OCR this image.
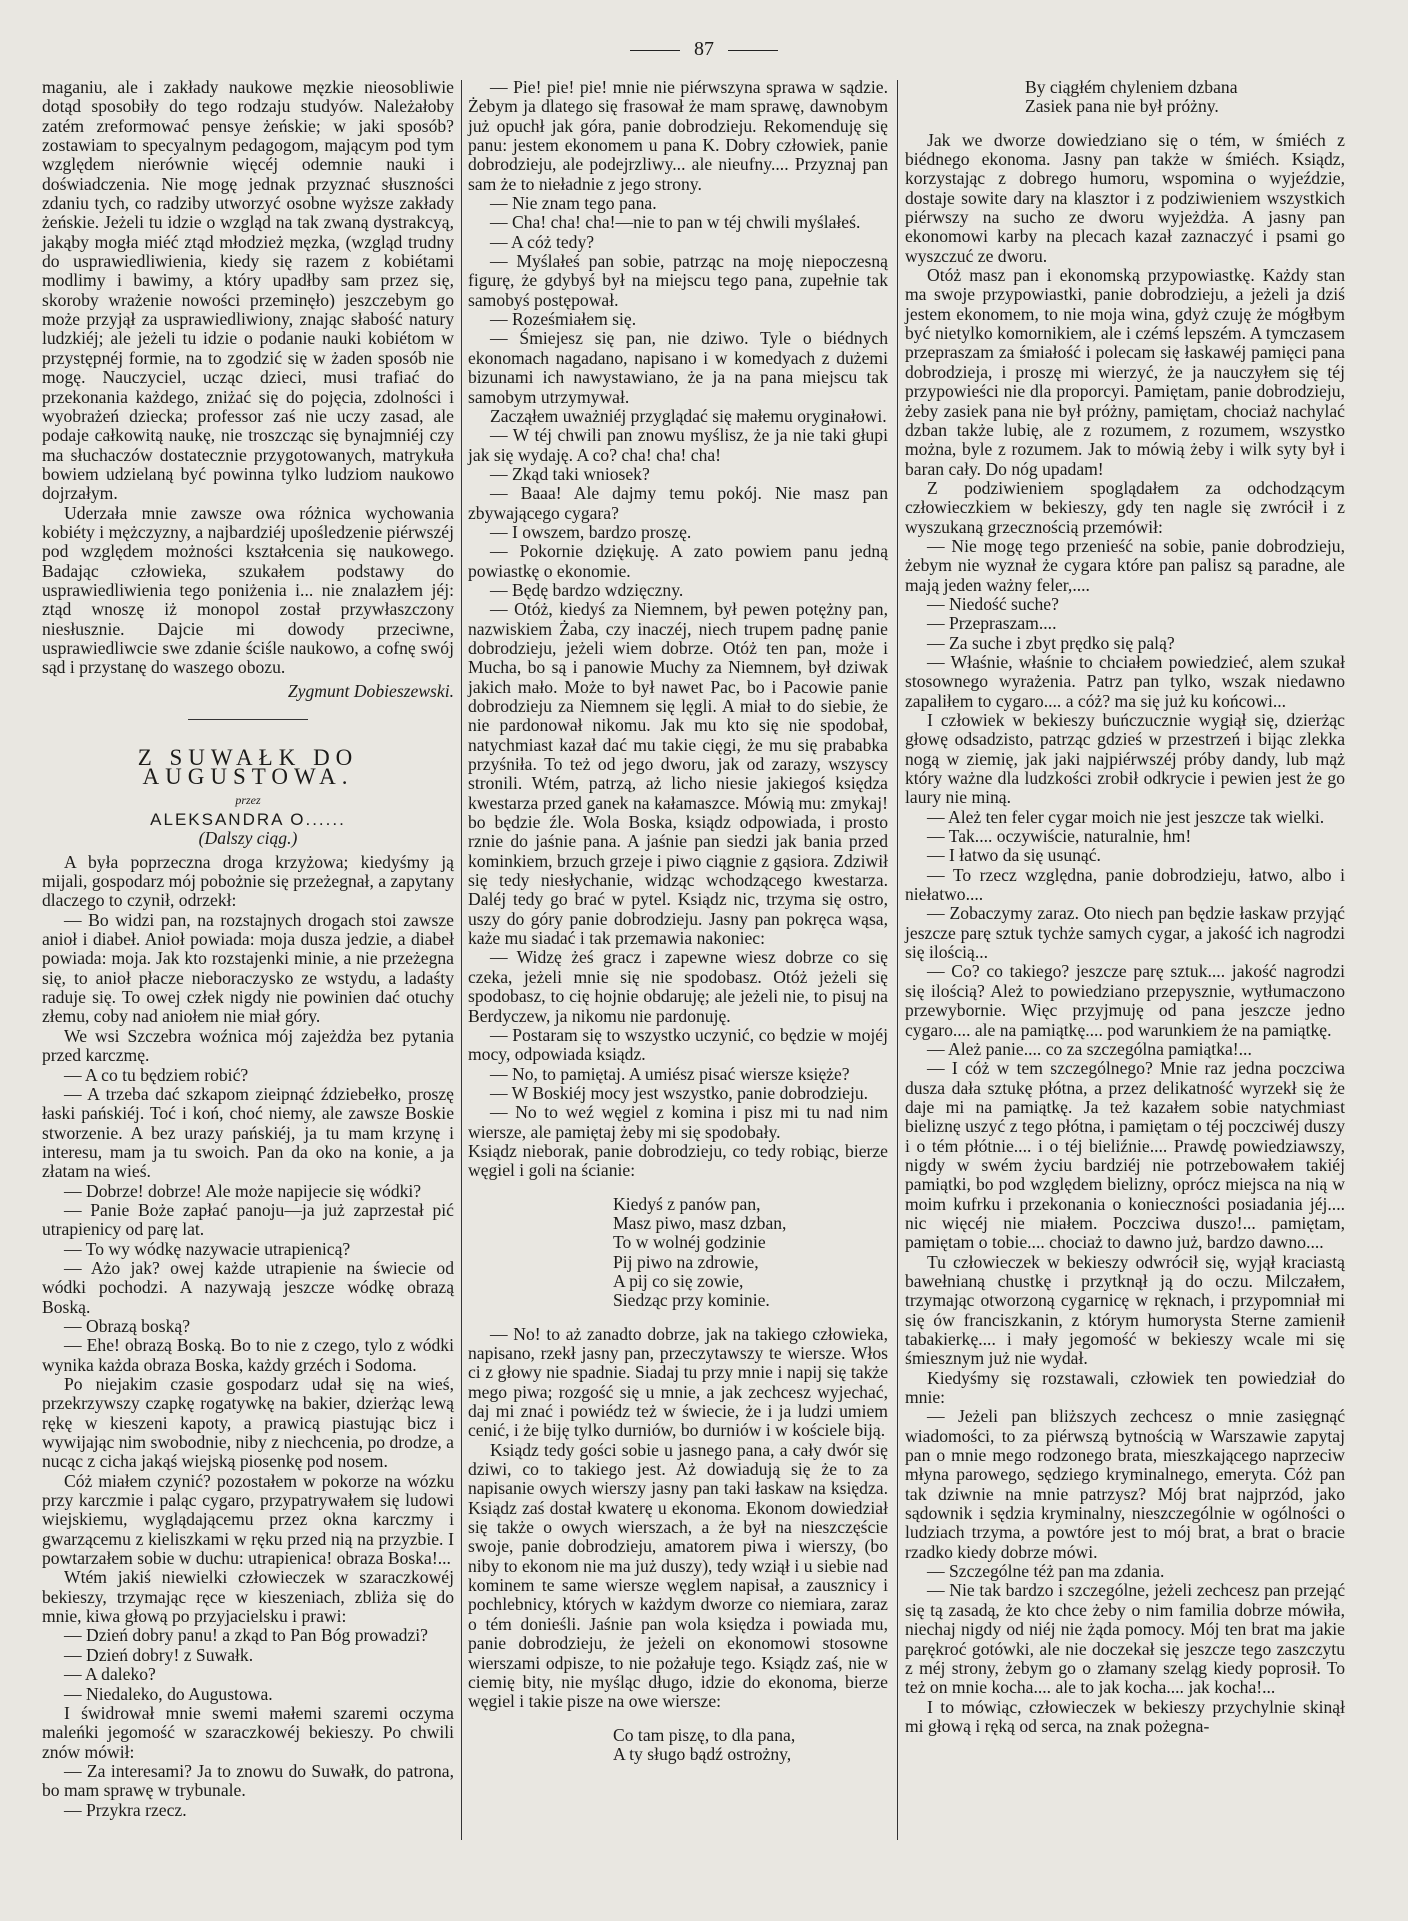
87

maganiu, ale i zakłady naukowe męzkie nieosobliwie dotąd sposobiły do tego rodzaju studyów. Należałoby zatém zreformować pensye żeńskie; w jaki sposób? zostawiam to specyalnym pedagogom, mającym pod tym względem nierównie więcéj odemnie nauki i doświadczenia. Nie mogę jednak przyznać słuszności zdaniu tych, co radziby utworzyć osobne wyższe zakłady żeńskie. Jeżeli tu idzie o wzgląd na tak zwaną dystrakcyą, jakąby mogła miéć ztąd młodzież męzka, (wzgląd trudny do usprawiedliwienia, kiedy się razem z kobiétami modlimy i bawimy, a który upadłby sam przez się, skoroby wrażenie nowości przeminęło) jeszczebym go może przyjął za usprawiedliwiony, znając słabość natury ludzkiéj; ale jeżeli tu idzie o podanie nauki kobiétom w przystępnéj formie, na to zgodzić się w żaden sposób nie mogę. Nauczyciel, ucząc dzieci, musi trafiać do przekonania każdego, zniżać się do pojęcia, zdolności i wyobrażeń dziecka; professor zaś nie uczy zasad, ale podaje całkowitą naukę, nie troszcząc się bynajmniéj czy ma słuchaczów dostatecznie przygotowanych, matrykuła bowiem udzielaną być powinna tylko ludziom naukowo dojrzałym.

Uderzała mnie zawsze owa różnica wychowania kobiéty i mężczyzny, a najbardziéj upośledzenie piérwszéj pod względem możności kształcenia się naukowego. Badając człowieka, szukałem podstawy do usprawiedliwienia tego poniżenia i... nie znalazłem jéj: ztąd wnoszę iż monopol został przywłaszczony niesłusznie. Dajcie mi dowody przeciwne, usprawiedliwcie swe zdanie ściśle naukowo, a cofnę swój sąd i przystanę do waszego obozu.

Zygmunt Dobieszewski.

Z SUWAŁK DO AUGUSTOWA.

przez

ALEKSANDRA O......

(Dalszy ciąg.)

A była poprzeczna droga krzyżowa; kiedyśmy ją mijali, gospodarz mój pobożnie się przeżegnał, a zapytany dlaczego to czynił, odrzekł:

— Bo widzi pan, na rozstajnych drogach stoi zawsze anioł i diabeł. Anioł powiada: moja dusza jedzie, a diabeł powiada: moja. Jak kto rozstajenki minie, a nie przeżegna się, to anioł płacze nieboraczysko ze wstydu, a ladaśty raduje się. To owej człek nigdy nie powinien dać otuchy złemu, coby nad aniołem nie miał góry.

We wsi Szczebra woźnica mój zajeżdża bez pytania przed karczmę.

— A co tu będziem robić?

— A trzeba dać szkapom zieipnąć ździebełko, proszę łaski pańskiéj. Toć i koń, choć niemy, ale zawsze Boskie stworzenie. A bez urazy pańskiéj, ja tu mam krzynę i interesu, mam ja tu swoich. Pan da oko na konie, a ja złatam na wieś.

— Dobrze! dobrze! Ale może napijecie się wódki?

— Panie Boże zapłać panoju—ja już zaprzestał pić utrapienicy od parę lat.

— To wy wódkę nazywacie utrapienicą?

— Ażo jak? owej każde utrapienie na świecie od wódki pochodzi. A nazywają jeszcze wódkę obrazą Boską.

— Obrazą boską?

— Ehe! obrazą Boską. Bo to nie z czego, tylo z wódki wynika każda obraza Boska, każdy grzéch i Sodoma.

Po niejakim czasie gospodarz udał się na wieś, przekrzywszy czapkę rogatywkę na bakier, dzierżąc lewą rękę w kieszeni kapoty, a prawicą piastując bicz i wywijając nim swobodnie, niby z niechcenia, po drodze, a nucąc z cicha jakąś wiejską piosenkę pod nosem.

Cóż miałem czynić? pozostałem w pokorze na wózku przy karczmie i paląc cygaro, przypatrywałem się ludowi wiejskiemu, wyglądającemu przez okna karczmy i gwarzącemu z kieliszkami w ręku przed nią na przyzbie. I powtarzałem sobie w duchu: utrapienica! obraza Boska!...

Wtém jakiś niewielki człowieczek w szaraczkowéj bekieszy, trzymając ręce w kieszeniach, zbliża się do mnie, kiwa głową po przyjacielsku i prawi:

— Dzień dobry panu! a zkąd to Pan Bóg prowadzi?

— Dzień dobry! z Suwałk.

— A daleko?

— Niedaleko, do Augustowa.

I świdrował mnie swemi małemi szaremi oczyma maleńki jegomość w szaraczkowéj bekieszy. Po chwili znów mówił:

— Za interesami? Ja to znowu do Suwałk, do patrona, bo mam sprawę w trybunale.

— Przykra rzecz.

— Pie! pie! pie! mnie nie piérwszyna sprawa w sądzie. Żebym ja dlatego się frasował że mam sprawę, dawnobym już opuchł jak góra, panie dobrodzieju. Rekomenduję się panu: jestem ekonomem u pana K. Dobry człowiek, panie dobrodzieju, ale podejrzliwy... ale nieufny.... Przyznaj pan sam że to nieładnie z jego strony.

— Nie znam tego pana.

— Cha! cha! cha!—nie to pan w téj chwili myślałeś.

— A cóż tedy?

— Myślałeś pan sobie, patrząc na moję niepoczesną figurę, że gdybyś był na miejscu tego pana, zupełnie tak samobyś postępował.

— Roześmiałem się.

— Śmiejesz się pan, nie dziwo. Tyle o biédnych ekonomach nagadano, napisano i w komedyach z dużemi bizunami ich nawystawiano, że ja na pana miejscu tak samobym utrzymywał.

Zacząłem uważniéj przyglądać się małemu oryginałowi.

— W téj chwili pan znowu myślisz, że ja nie taki głupi jak się wydaję. A co? cha! cha! cha!

— Zkąd taki wniosek?

— Baaa! Ale dajmy temu pokój. Nie masz pan zbywającego cygara?

— I owszem, bardzo proszę.

— Pokornie dziękuję. A zato powiem panu jedną powiastkę o ekonomie.

— Będę bardzo wdzięczny.

— Otóż, kiedyś za Niemnem, był pewen potężny pan, nazwiskiem Żaba, czy inaczéj, niech trupem padnę panie dobrodzieju, jeżeli wiem dobrze. Otóż ten pan, może i Mucha, bo są i panowie Muchy za Niemnem, był dziwak jakich mało. Może to był nawet Pac, bo i Pacowie panie dobrodzieju za Niemnem się lęgli. A miał to do siebie, że nie pardonował nikomu. Jak mu kto się nie spodobał, natychmiast kazał dać mu takie cięgi, że mu się prababka przyśniła. To też od jego dworu, jak od zarazy, wszyscy stronili. Wtém, patrzą, aż licho niesie jakiegoś księdza kwestarza przed ganek na kałamaszce. Mówią mu: zmykaj! bo będzie źle. Wola Boska, ksiądz odpowiada, i prosto rznie do jaśnie pana. A jaśnie pan siedzi jak bania przed kominkiem, brzuch grzeje i piwo ciągnie z gąsiora. Zdziwił się tedy niesłychanie, widząc wchodzącego kwestarza. Daléj tedy go brać w pytel. Ksiądz nic, trzyma się ostro, uszy do góry panie dobrodzieju. Jasny pan pokręca wąsa, każe mu siadać i tak przemawia nakoniec:

— Widzę żeś gracz i zapewne wiesz dobrze co się czeka, jeżeli mnie się nie spodobasz. Otóż jeżeli się spodobasz, to cię hojnie obdaruję; ale jeżeli nie, to pisuj na Berdyczew, ja nikomu nie pardonuję.

— Postaram się to wszystko uczynić, co będzie w mojéj mocy, odpowiada ksiądz.

— No, to pamiętaj. A umiész pisać wiersze księże?

— W Boskiéj mocy jest wszystko, panie dobrodzieju.

— No to weź węgiel z komina i pisz mi tu nad nim wiersze, ale pamiętaj żeby mi się spodobały.

Ksiądz nieborak, panie dobrodzieju, co tedy robiąc, bierze węgiel i goli na ścianie:

Kiedyś z panów pan,

Masz piwo, masz dzban,

To w wolnéj godzinie

Pij piwo na zdrowie,

A pij co się zowie,

Siedząc przy kominie.

— No! to aż zanadto dobrze, jak na takiego człowieka, napisano, rzekł jasny pan, przeczytawszy te wiersze. Włos ci z głowy nie spadnie. Siadaj tu przy mnie i napij się także mego piwa; rozgość się u mnie, a jak zechcesz wyjechać, daj mi znać i powiédz też w świecie, że i ja ludzi umiem cenić, i że biję tylko durniów, bo durniów i w kościele biją.

Ksiądz tedy gości sobie u jasnego pana, a cały dwór się dziwi, co to takiego jest. Aż dowiadują się że to za napisanie owych wierszy jasny pan taki łaskaw na księdza. Ksiądz zaś dostał kwaterę u ekonoma. Ekonom dowiedział się także o owych wierszach, a że był na nieszczęście swoje, panie dobrodzieju, amatorem piwa i wierszy, (bo niby to ekonom nie ma już duszy), tedy wziął i u siebie nad kominem te same wiersze węglem napisał, a zausznicy i pochlebnicy, których w każdym dworze co niemiara, zaraz o tém donieśli. Jaśnie pan wola księdza i powiada mu, panie dobrodzieju, że jeżeli on ekonomowi stosowne wierszami odpisze, to nie pożałuje tego. Ksiądz zaś, nie w ciemię bity, nie myśląc długo, idzie do ekonoma, bierze węgiel i takie pisze na owe wiersze:

Co tam piszę, to dla pana,

A ty sługo bądź ostrożny,

By ciągłém chyleniem dzbana

Zasiek pana nie był próżny.

Jak we dworze dowiedziano się o tém, w śmiéch z biédnego ekonoma. Jasny pan także w śmiéch. Ksiądz, korzystając z dobrego humoru, wspomina o wyjeździe, dostaje sowite dary na klasztor i z podziwieniem wszystkich piérwszy na sucho ze dworu wyjeżdża. A jasny pan ekonomowi karby na plecach kazał zaznaczyć i psami go wyszczuć ze dworu.

Otóż masz pan i ekonomską przypowiastkę. Każdy stan ma swoje przypowiastki, panie dobrodzieju, a jeżeli ja dziś jestem ekonomem, to nie moja wina, gdyż czuję że mógłbym być nietylko komornikiem, ale i czémś lepszém. A tymczasem przepraszam za śmiałość i polecam się łaskawéj pamięci pana dobrodzieja, i proszę mi wierzyć, że ja nauczyłem się téj przypowieści nie dla proporcyi. Pamiętam, panie dobrodzieju, żeby zasiek pana nie był próżny, pamiętam, chociaż nachylać dzban także lubię, ale z rozumem, z rozumem, wszystko można, byle z rozumem. Jak to mówią żeby i wilk syty był i baran cały. Do nóg upadam!

Z podziwieniem spoglądałem za odchodzącym człowieczkiem w bekieszy, gdy ten nagle się zwrócił i z wyszukaną grzecznością przemówił:

— Nie mogę tego przenieść na sobie, panie dobrodzieju, żebym nie wyznał że cygara które pan palisz są paradne, ale mają jeden ważny feler,....

— Niedość suche?

— Przepraszam....

— Za suche i zbyt prędko się palą?

— Właśnie, właśnie to chciałem powiedzieć, alem szukał stosownego wyrażenia. Patrz pan tylko, wszak niedawno zapaliłem to cygaro.... a cóż? ma się już ku końcowi...

I człowiek w bekieszy buńczucznie wygiął się, dzierżąc głowę odsadzisto, patrząc gdzieś w przestrzeń i bijąc zlekka nogą w ziemię, jak jaki najpiérwszéj próby dandy, lub mąż który ważne dla ludzkości zrobił odkrycie i pewien jest że go laury nie miną.

— Ależ ten feler cygar moich nie jest jeszcze tak wielki.

— Tak.... oczywiście, naturalnie, hm!

— I łatwo da się usunąć.

— To rzecz względna, panie dobrodzieju, łatwo, albo i niełatwo....

— Zobaczymy zaraz. Oto niech pan będzie łaskaw przyjąć jeszcze parę sztuk tychże samych cygar, a jakość ich nagrodzi się ilością...

— Co? co takiego? jeszcze parę sztuk.... jakość nagrodzi się ilością? Ależ to powiedziano przepysznie, wytłumaczono przewybornie. Więc przyjmuję od pana jeszcze jedno cygaro.... ale na pamiątkę.... pod warunkiem że na pamiątkę.

— Ależ panie.... co za szczególna pamiątka!...

— I cóż w tem szczególnego? Mnie raz jedna poczciwa dusza dała sztukę płótna, a przez delikatność wyrzekł się że daje mi na pamiątkę. Ja też kazałem sobie natychmiast bieliznę uszyć z tego płótna, i pamiętam o téj poczciwéj duszy i o tém płótnie.... i o téj bieliźnie.... Prawdę powiedziawszy, nigdy w swém życiu bardziéj nie potrzebowałem takiéj pamiątki, bo pod względem bielizny, oprócz miejsca na nią w moim kufrku i przekonania o konieczności posiadania jéj.... nic więcéj nie miałem. Poczciwa duszo!... pamiętam, pamiętam o tobie.... chociaż to dawno już, bardzo dawno....

Tu człowieczek w bekieszy odwrócił się, wyjął kraciastą bawełnianą chustkę i przytknął ją do oczu. Milczałem, trzymając otworzoną cygarnicę w ręknach, i przypomniał mi się ów franciszkanin, z którym humorysta Sterne zamienił tabakierkę.... i mały jegomość w bekieszy wcale mi się śmiesznym już nie wydał.

Kiedyśmy się rozstawali, człowiek ten powiedział do mnie:

— Jeżeli pan bliższych zechcesz o mnie zasięgnąć wiadomości, to za piérwszą bytnością w Warszawie zapytaj pan o mnie mego rodzonego brata, mieszkającego naprzeciw młyna parowego, sędziego kryminalnego, emeryta. Cóż pan tak dziwnie na mnie patrzysz? Mój brat najprzód, jako sądownik i sędzia kryminalny, nieszczególnie w ogólności o ludziach trzyma, a powtóre jest to mój brat, a brat o bracie rzadko kiedy dobrze mówi.

— Szczególne téż pan ma zdania.

— Nie tak bardzo i szczególne, jeżeli zechcesz pan przejąć się tą zasadą, że kto chce żeby o nim familia dobrze mówiła, niechaj nigdy od niéj nie żąda pomocy. Mój ten brat ma jakie parękroć gotówki, ale nie doczekał się jeszcze tego zaszczytu z méj strony, żebym go o złamany szeląg kiedy poprosił. To też on mnie kocha.... ale to jak kocha.... jak kocha!...

I to mówiąc, człowieczek w bekieszy przychylnie skinął mi głową i ręką od serca, na znak pożegna-
